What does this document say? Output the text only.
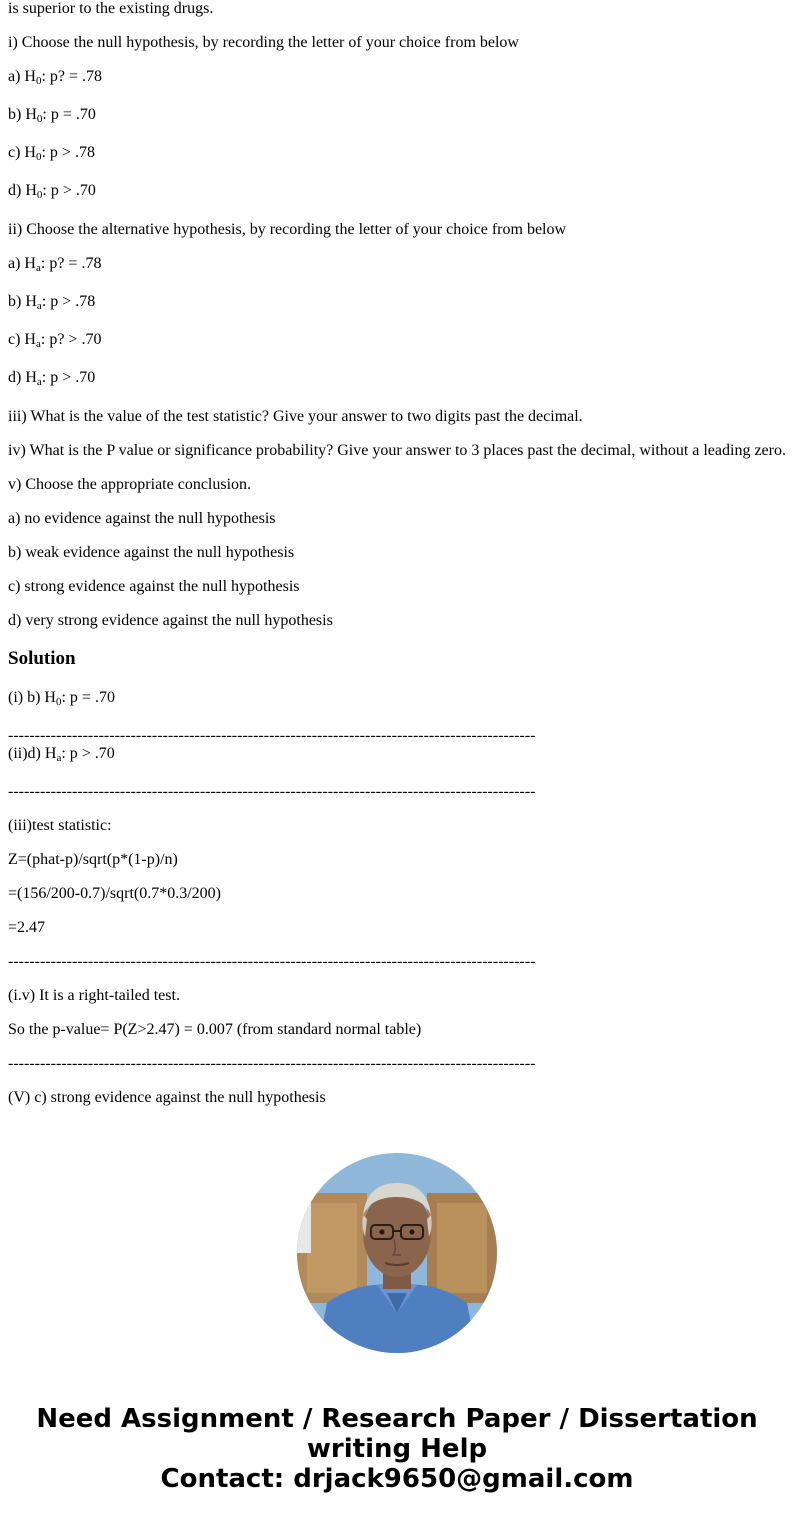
is superior to the existing drugs.
i) Choose the null hypothesis, by recording the letter of your choice from below
a) $H_0$: p? = .78
b) $H_0$: p = .70
c) $H_0$: p > .78
d) $H_0$: p > .70
ii) Choose the alternative hypothesis, by recording the letter of your choice from below
a) $H_a$: p? = .78
b) $H_a$: p > .78
c) $H_a$: p? > .70
d) $H_a$: p > .70
iii) What is the value of the test statistic? Give your answer to two digits past the decimal.
iv) What is the P value or significance probability? Give your answer to 3 places past the decimal, without a leading zero.
v) Choose the appropriate conclusion.
a) no evidence against the null hypothesis
b) weak evidence against the null hypothesis
c) strong evidence against the null hypothesis
d) very strong evidence against the null hypothesis
Solution
(i) b) $H_0$: p = .70
---------------------------------------------------------------------------------------------------
(ii)d) $H_a$: p > .70
---------------------------------------------------------------------------------------------------
(iii)test statistic:
Z=(phat-p)/sqrt(p*(1-p)/n)
=(156/200-0.7)/sqrt(0.7*0.3/200)
=2.47
---------------------------------------------------------------------------------------------------
(i.v) It is a right-tailed test.
So the p-value= P(Z>2.47) = 0.007 (from standard normal table)
---------------------------------------------------------------------------------------------------
(V) c) strong evidence against the null hypothesis
Need Assignment / Research Paper / Dissertation
writing Help
Contact: drjack9650@gmail.com
